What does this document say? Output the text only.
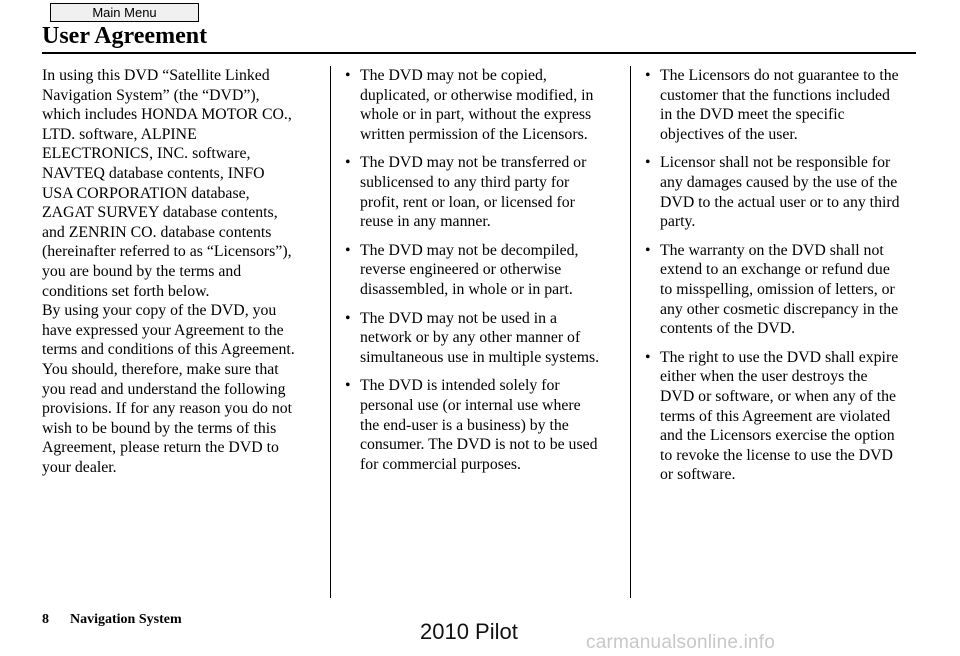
Main Menu
User Agreement

In using this DVD “Satellite Linked
Navigation System” (the “DVD”),
which includes HONDA MOTOR CO.,
LTD. software, ALPINE
ELECTRONICS, INC. software,
NAVTEQ database contents, INFO
USA CORPORATION database,
ZAGAT SURVEY database contents,
and ZENRIN CO. database contents
(hereinafter referred to as “Licensors”),
you are bound by the terms and
conditions set forth below.

By using your copy of the DVD, you
have expressed your Agreement to the
terms and conditions of this Agreement.
You should, therefore, make sure that
you read and understand the following
provisions. If for any reason you do not
wish to be bound by the terms of this
Agreement, please return the DVD to
your dealer.

• The DVD may not be copied,
duplicated, or otherwise modified, in
whole or in part, without the express
written permission of the Licensors.
• The DVD may not be transferred or
sublicensed to any third party for
profit, rent or loan, or licensed for
reuse in any manner.
• The DVD may not be decompiled,
reverse engineered or otherwise
disassembled, in whole or in part.
• The DVD may not be used in a
network or by any other manner of
simultaneous use in multiple systems.
• The DVD is intended solely for
personal use (or internal use where
the end-user is a business) by the
consumer. The DVD is not to be used
for commercial purposes.
• The Licensors do not guarantee to the
customer that the functions included
in the DVD meet the specific
objectives of the user.
• Licensor shall not be responsible for
any damages caused by the use of the
DVD to the actual user or to any third
party.
• The warranty on the DVD shall not
extend to an exchange or refund due
to misspelling, omission of letters, or
any other cosmetic discrepancy in the
contents of the DVD.
• The right to use the DVD shall expire
either when the user destroys the
DVD or software, or when any of the
terms of this Agreement are violated
and the Licensors exercise the option
to revoke the license to use the DVD
or software.
8 Navigation System	2010 Pilot	carmanualsonline.info
